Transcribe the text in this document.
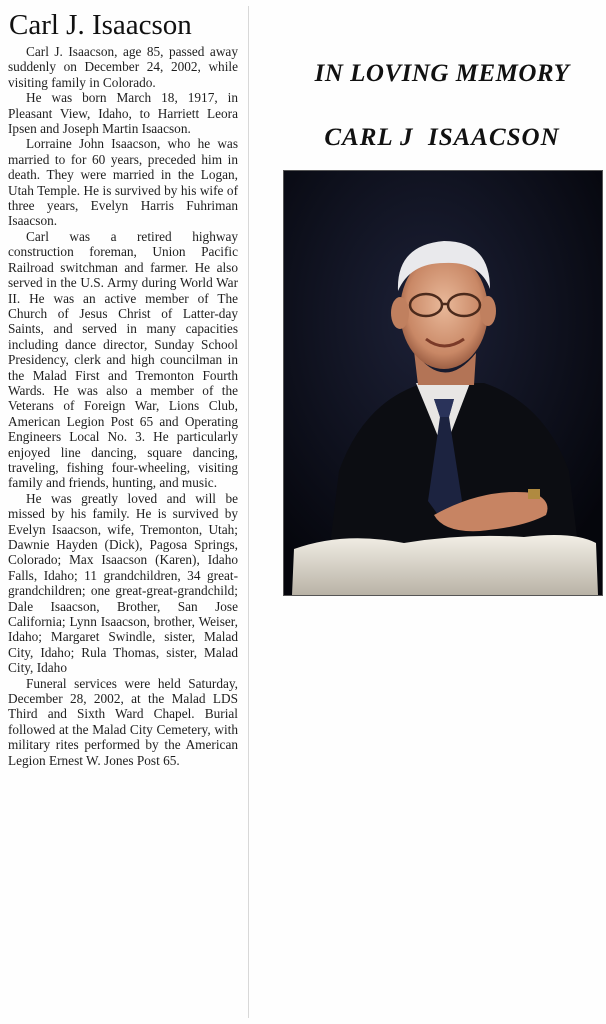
Carl J. Isaacson

Carl J. Isaacson, age 85, passed away suddenly on December 24, 2002, while visiting family in Colorado.

He was born March 18, 1917, in Pleasant View, Idaho, to Harriett Leora Ipsen and Joseph Martin Isaacson.

Lorraine John Isaacson, who he was married to for 60 years, preceded him in death. They were married in the Logan, Utah Temple. He is survived by his wife of three years, Evelyn Harris Fuhriman Isaacson.

Carl was a retired highway construction foreman, Union Pacific Railroad switchman and farmer. He also served in the U.S. Army during World War II. He was an active member of The Church of Jesus Christ of Latter-day Saints, and served in many capacities including dance director, Sunday School Presidency, clerk and high councilman in the Malad First and Tremonton Fourth Wards. He was also a member of the Veterans of Foreign War, Lions Club, American Legion Post 65 and Operating Engineers Local No. 3. He particularly enjoyed line dancing, square dancing, traveling, fishing four-wheeling, visiting family and friends, hunting, and music.

He was greatly loved and will be missed by his family. He is survived by Evelyn Isaacson, wife, Tremonton, Utah; Dawnie Hayden (Dick), Pagosa Springs, Colorado; Max Isaacson (Karen), Idaho Falls, Idaho; 11 grandchildren, 34 great-grandchildren; one great-great-grandchild; Dale Isaacson, Brother, San Jose California; Lynn Isaacson, brother, Weiser, Idaho; Margaret Swindle, sister, Malad City, Idaho; Rula Thomas, sister, Malad City, Idaho

Funeral services were held Saturday, December 28, 2002, at the Malad LDS Third and Sixth Ward Chapel. Burial followed at the Malad City Cemetery, with military rites performed by the American Legion Ernest W. Jones Post 65.

IN LOVING MEMORY
CARL J  ISAACSON
